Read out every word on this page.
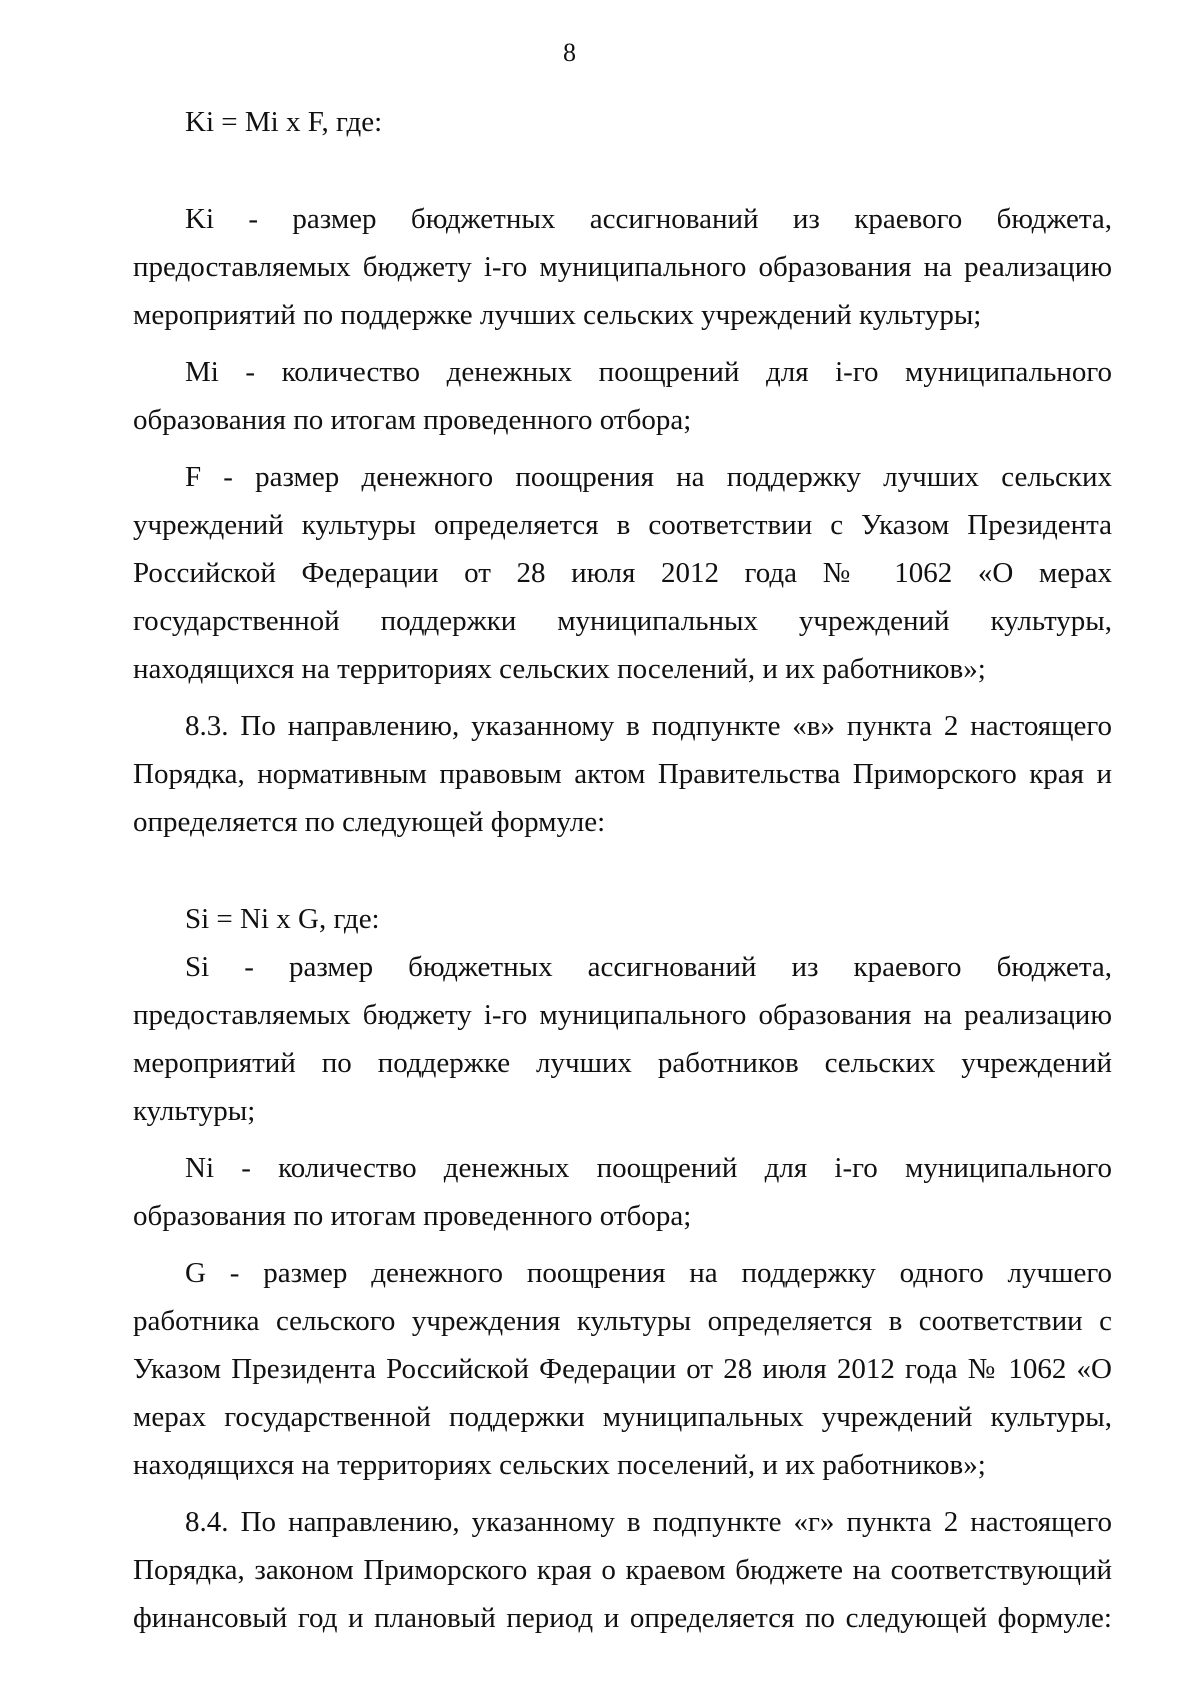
8

Ki = Mi x F, где:

Ki - размер бюджетных ассигнований из краевого бюджета, предоставляемых бюджету i-го муниципального образования на реализацию мероприятий по поддержке лучших сельских учреждений культуры;

Mi - количество денежных поощрений для i-го муниципального образования по итогам проведенного отбора;

F - размер денежного поощрения на поддержку лучших сельских учреждений культуры определяется в соответствии с Указом Президента Российской Федерации от 28 июля 2012 года № 1062 «О мерах государственной поддержки муниципальных учреждений культуры, находящихся на территориях сельских поселений, и их работников»;

8.3. По направлению, указанному в подпункте «в» пункта 2 настоящего Порядка, нормативным правовым актом Правительства Приморского края и определяется по следующей формуле:

Si = Ni x G, где:

Si - размер бюджетных ассигнований из краевого бюджета, предоставляемых бюджету i-го муниципального образования на реализацию мероприятий по поддержке лучших работников сельских учреждений культуры;

Ni - количество денежных поощрений для i-го муниципального образования по итогам проведенного отбора;

G - размер денежного поощрения на поддержку одного лучшего работника сельского учреждения культуры определяется в соответствии с Указом Президента Российской Федерации от 28 июля 2012 года № 1062 «О мерах государственной поддержки муниципальных учреждений культуры, находящихся на территориях сельских поселений, и их работников»;

8.4. По направлению, указанному в подпункте «г» пункта 2 настоящего Порядка, законом Приморского края о краевом бюджете на соответствующий финансовый год и плановый период и определяется по следующей формуле:
